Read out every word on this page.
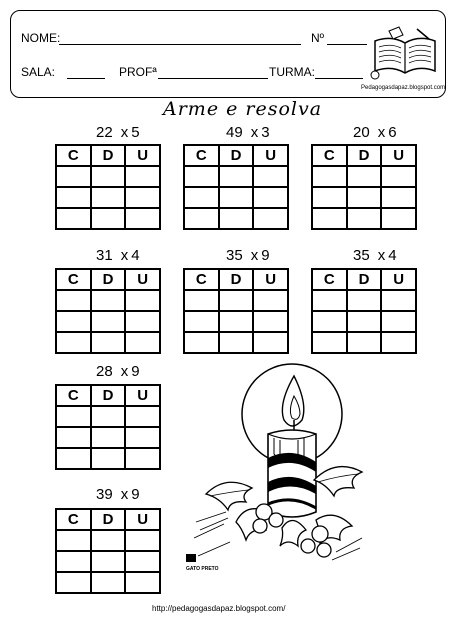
NOME:	Nº
SALA:	PROFª	TURMA:
Pedagogasdapaz.blogspot.com
Arme e resolva
22 x 5
C	D	U

49 x 3
C	D	U

20 x 6
C	D	U

31 x 4
C	D	U

35 x 9
C	D	U

35 x 4
C	D	U

28 x 9
C	D	U

39 x 9
C	D	U

GATO PRETO
http://pedagogasdapaz.blogspot.com/
